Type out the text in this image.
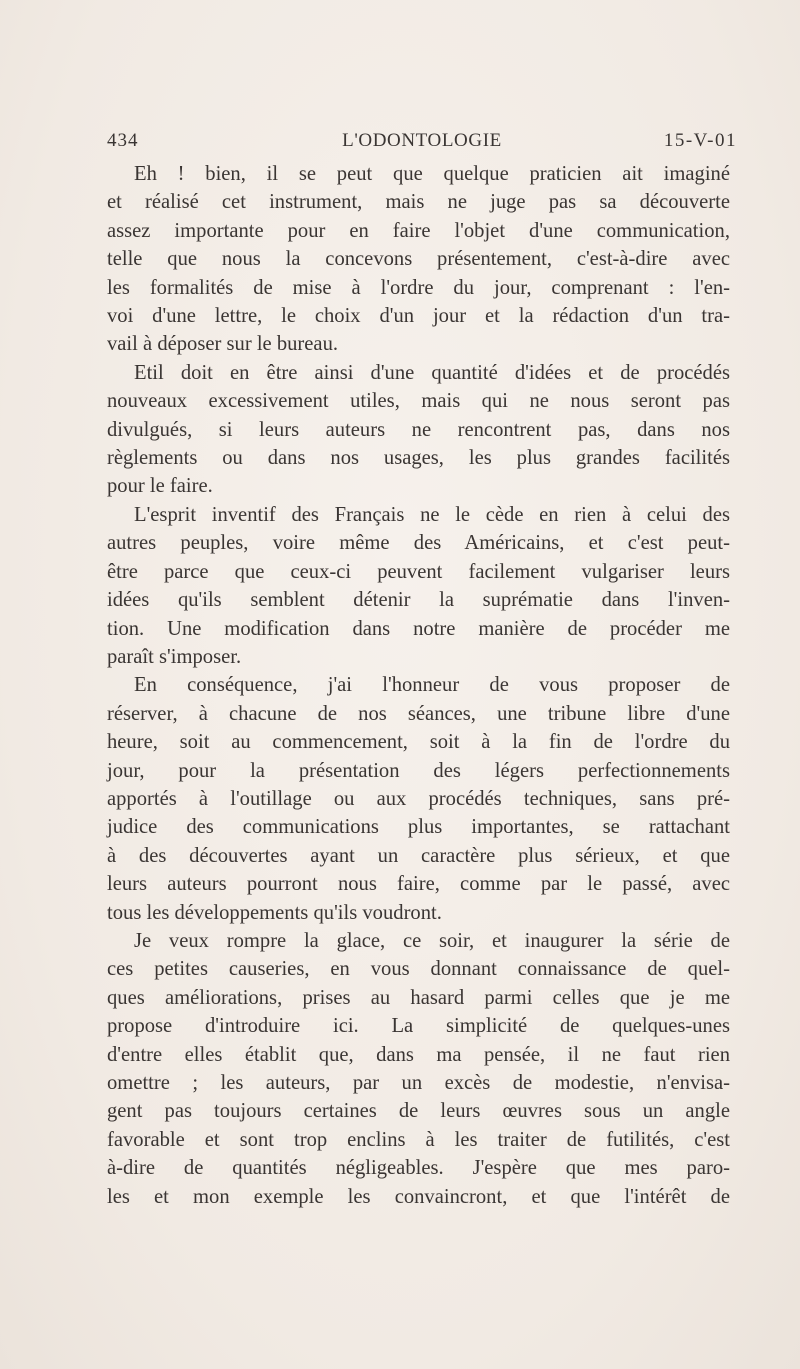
434	L'ODONTOLOGIE	15-V-01

Eh ! bien, il se peut que quelque praticien ait imaginé
et réalisé cet instrument, mais ne juge pas sa découverte
assez importante pour en faire l'objet d'une communication,
telle que nous la concevons présentement, c'est-à-dire avec
les formalités de mise à l'ordre du jour, comprenant : l'en-
voi d'une lettre, le choix d'un jour et la rédaction d'un tra-
vail à déposer sur le bureau.

Etil doit en être ainsi d'une quantité d'idées et de procédés
nouveaux excessivement utiles, mais qui ne nous seront pas
divulgués, si leurs auteurs ne rencontrent pas, dans nos
règlements ou dans nos usages, les plus grandes facilités
pour le faire.

L'esprit inventif des Français ne le cède en rien à celui des
autres peuples, voire même des Américains, et c'est peut-
être parce que ceux-ci peuvent facilement vulgariser leurs
idées qu'ils semblent détenir la suprématie dans l'inven-
tion. Une modification dans notre manière de procéder me
paraît s'imposer.

En conséquence, j'ai l'honneur de vous proposer de
réserver, à chacune de nos séances, une tribune libre d'une
heure, soit au commencement, soit à la fin de l'ordre du
jour, pour la présentation des légers perfectionnements
apportés à l'outillage ou aux procédés techniques, sans pré-
judice des communications plus importantes, se rattachant
à des découvertes ayant un caractère plus sérieux, et que
leurs auteurs pourront nous faire, comme par le passé, avec
tous les développements qu'ils voudront.

Je veux rompre la glace, ce soir, et inaugurer la série de
ces petites causeries, en vous donnant connaissance de quel-
ques améliorations, prises au hasard parmi celles que je me
propose d'introduire ici. La simplicité de quelques-unes
d'entre elles établit que, dans ma pensée, il ne faut rien
omettre ; les auteurs, par un excès de modestie, n'envisa-
gent pas toujours certaines de leurs œuvres sous un angle
favorable et sont trop enclins à les traiter de futilités, c'est
à-dire de quantités négligeables. J'espère que mes paro-
les et mon exemple les convaincront, et que l'intérêt de
